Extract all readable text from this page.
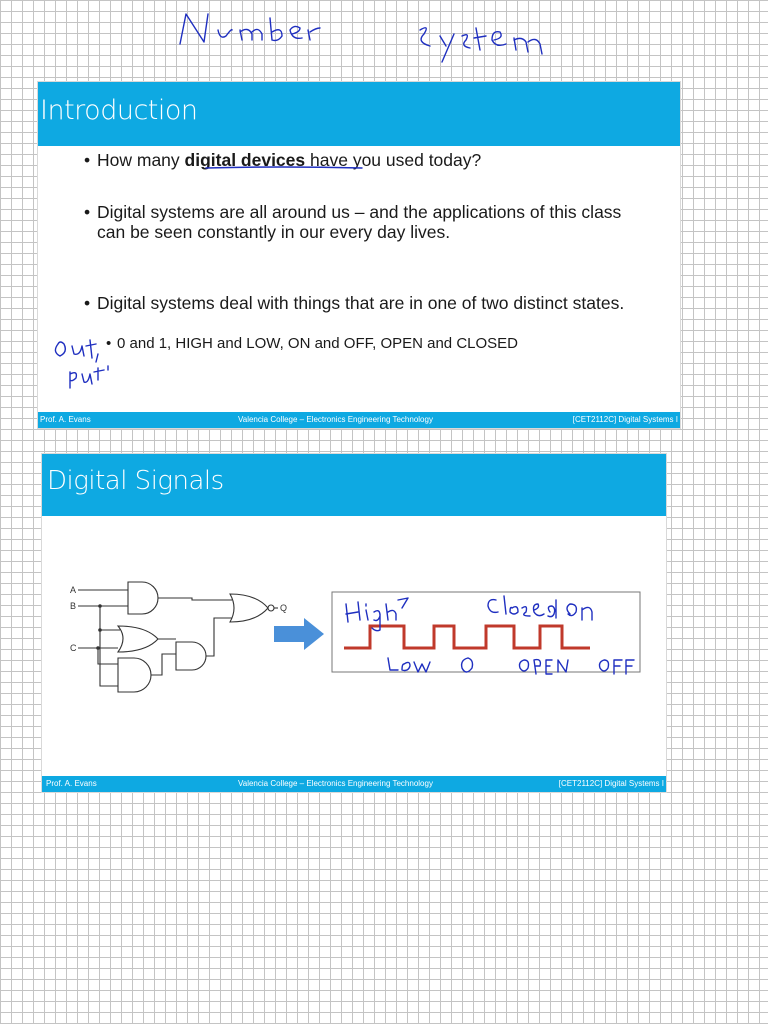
Introduction
• How many digital devices have you used today?
• Digital systems are all around us – and the applications of this class can be seen constantly in our every day lives.
• Digital systems deal with things that are in one of two distinct states.
• 0 and 1, HIGH and LOW, ON and OFF, OPEN and CLOSED
Prof. A. Evans	Valencia College – Electronics Engineering Technology	[CET2112C] Digital Systems I
Digital Signals
A
B
C
Q
Prof. A. Evans	Valencia College – Electronics Engineering Technology	[CET2112C] Digital Systems I
